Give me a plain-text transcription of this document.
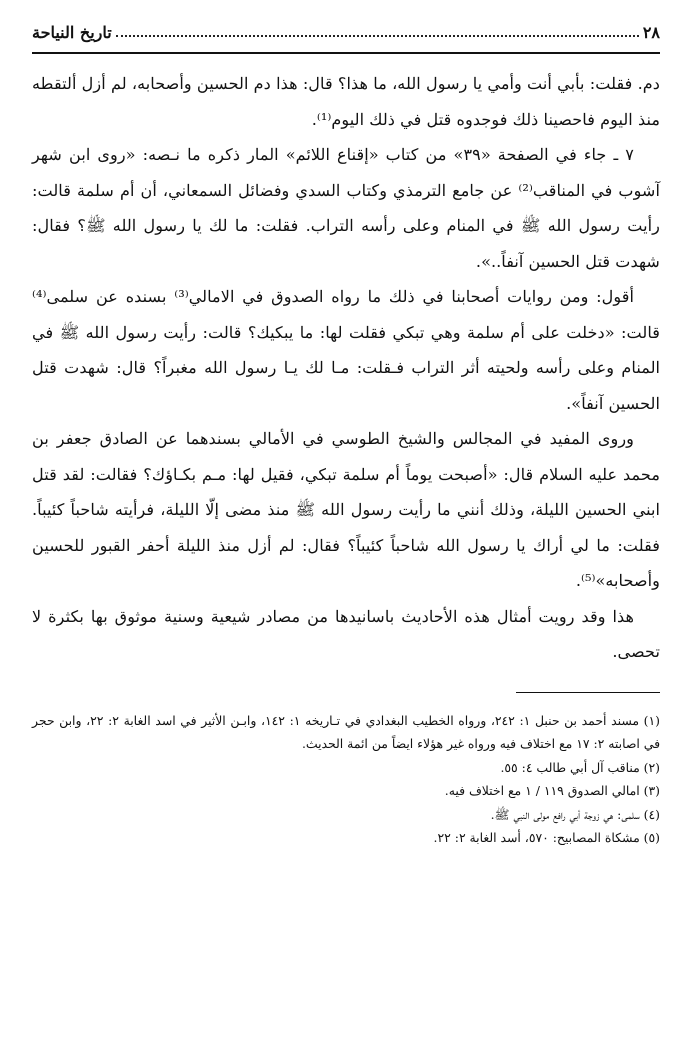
٢٨
تاريخ النياحة

دم. فقلت: بأبي أنت وأمي يا رسول الله، ما هذا؟ قال: هذا دم الحسين وأصحابه، لم أزل ألتقطه منذ اليوم فاحصينا ذلك فوجدوه قتل في ذلك اليوم⁽¹⁾.

٧ ـ جاء في الصفحة «٣٩» من كتاب «إقناع اللائم» المار ذكره ما نـصه: «روى ابن شهر آشوب في المناقب⁽²⁾ عن جامع الترمذي وكتاب السدي وفضائل السمعاني، أن أم سلمة قالت: رأيت رسول الله ﷺ في المنام وعلى رأسه التراب. فقلت: ما لك يا رسول الله ﷺ؟ فقال: شهدت قتل الحسين آنفاً..».

أقول: ومن روايات أصحابنا في ذلك ما رواه الصدوق في الامالي⁽³⁾ بسنده عن سلمى⁽⁴⁾ قالت: «دخلت على أم سلمة وهي تبكي فقلت لها: ما يبكيك؟ قالت: رأيت رسول الله ﷺ في المنام وعلى رأسه ولحيته أثر التراب فـقلت: مـا لك يـا رسول الله مغبراً؟ قال: شهدت قتل الحسين آنفاً».

وروى المفيد في المجالس والشيخ الطوسي في الأمالي بسندهما عن الصادق جعفر بن محمد عليه السلام قال: «أصبحت يوماً أم سلمة تبكي، فقيل لها: مـم بكـاؤك؟ فقالت: لقد قتل ابني الحسين الليلة، وذلك أنني ما رأيت رسول الله ﷺ منذ مضى إلّا الليلة، فرأيته شاحباً كئيباً. فقلت: ما لي أراك يا رسول الله شاحباً كئيباً؟ فقال: لم أزل منذ الليلة أحفر القبور للحسين وأصحابه»⁽⁵⁾.

هذا وقد رويت أمثال هذه الأحاديث باسانيدها من مصادر شيعية وسنية موثوق بها بكثرة لا تحصى.

(١) مسند أحمد بن حنبل ١: ٢٤٢، ورواه الخطيب البغدادي في تـاريخه ١: ١٤٢، وابـن الأثير في اسد الغابة ٢: ٢٢، وابن حجر في اصابته ٢: ١٧ مع اختلاف فيه ورواه غير هؤلاء ايضاً من ائمة الحديث.

(٢) مناقب آل أبي طالب ٤: ٥٥.

(٣) امالي الصدوق ١١٩ / ١ مع اختلاف فيه.

(٤) سلمى: هي زوجة أبي رافع مولى النبي ﷺ.

(٥) مشكاة المصابيح: ٥٧٠، أسد الغابة ٢: ٢٢.
